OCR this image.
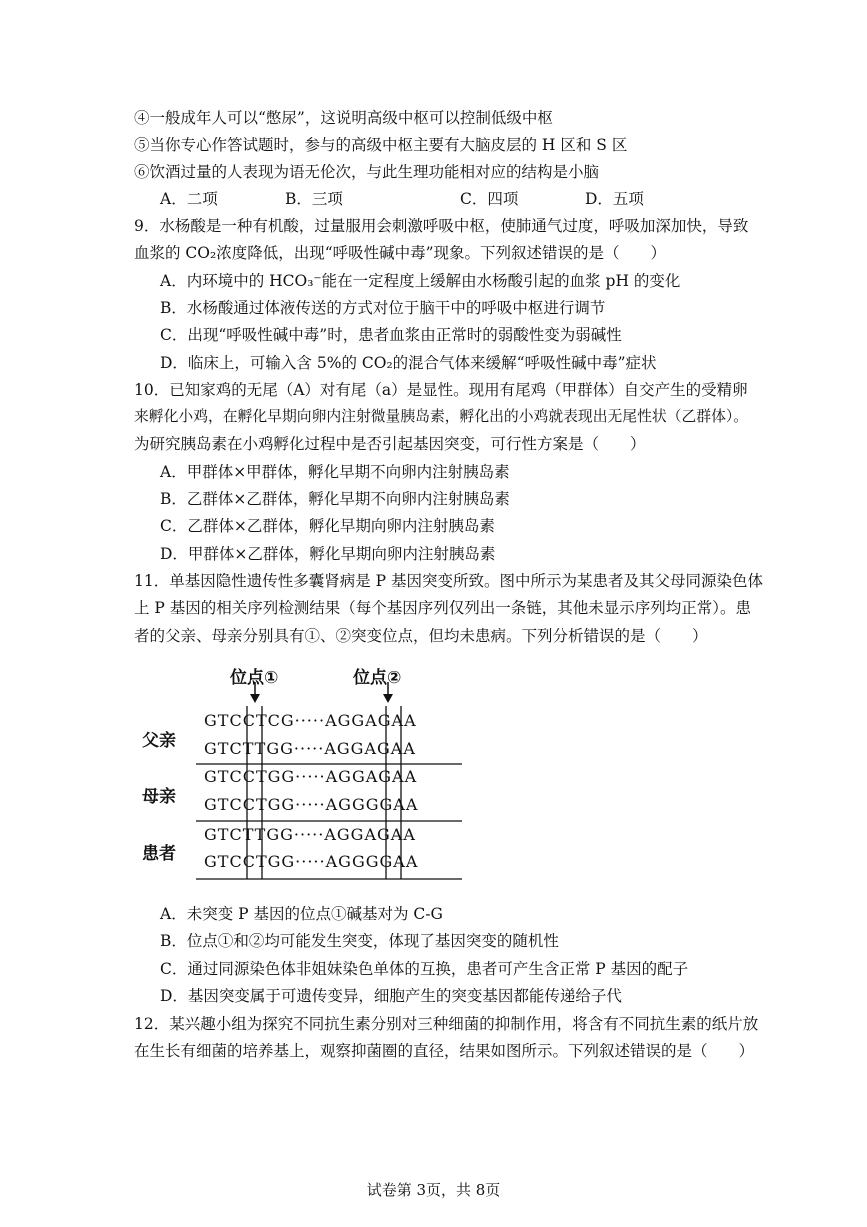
④一般成年人可以“憋尿”，这说明高级中枢可以控制低级中枢
⑤当你专心作答试题时，参与的高级中枢主要有大脑皮层的 H 区和 S 区
⑥饮酒过量的人表现为语无伦次，与此生理功能相对应的结构是小脑
A．二项	B．三项	C．四项	D．五项
9．水杨酸是一种有机酸，过量服用会刺激呼吸中枢，使肺通气过度，呼吸加深加快，导致
血浆的 CO₂浓度降低，出现“呼吸性碱中毒”现象。下列叙述错误的是（　　）
A．内环境中的 HCO₃⁻能在一定程度上缓解由水杨酸引起的血浆 pH 的变化
B．水杨酸通过体液传送的方式对位于脑干中的呼吸中枢进行调节
C．出现“呼吸性碱中毒”时，患者血浆由正常时的弱酸性变为弱碱性
D．临床上，可输入含 5%的 CO₂的混合气体来缓解“呼吸性碱中毒”症状
10．已知家鸡的无尾（A）对有尾（a）是显性。现用有尾鸡（甲群体）自交产生的受精卵
来孵化小鸡，在孵化早期向卵内注射微量胰岛素，孵化出的小鸡就表现出无尾性状（乙群体）。
为研究胰岛素在小鸡孵化过程中是否引起基因突变，可行性方案是（　　）
A．甲群体×甲群体，孵化早期不向卵内注射胰岛素
B．乙群体×乙群体，孵化早期不向卵内注射胰岛素
C．乙群体×乙群体，孵化早期向卵内注射胰岛素
D．甲群体×乙群体，孵化早期向卵内注射胰岛素
11．单基因隐性遗传性多囊肾病是 P 基因突变所致。图中所示为某患者及其父母同源染色体
上 P 基因的相关序列检测结果（每个基因序列仅列出一条链，其他未显示序列均正常）。患
者的父亲、母亲分别具有①、②突变位点，但均未患病。下列分析错误的是（　　）
位点①	位点②
父亲
GTCCTCG·····AGGAGAA
GTCTTGG·····AGGAGAA
母亲
GTCCTGG·····AGGAGAA
GTCCTGG·····AGGGGAA
患者
GTCTTGG·····AGGAGAA
GTCCTGG·····AGGGGAA
A．未突变 P 基因的位点①碱基对为 C-G
B．位点①和②均可能发生突变，体现了基因突变的随机性
C．通过同源染色体非姐妹染色单体的互换，患者可产生含正常 P 基因的配子
D．基因突变属于可遗传变异，细胞产生的突变基因都能传递给子代
12．某兴趣小组为探究不同抗生素分别对三种细菌的抑制作用，将含有不同抗生素的纸片放
在生长有细菌的培养基上，观察抑菌圈的直径，结果如图所示。下列叙述错误的是（　　）
试卷第 3页，共 8页
